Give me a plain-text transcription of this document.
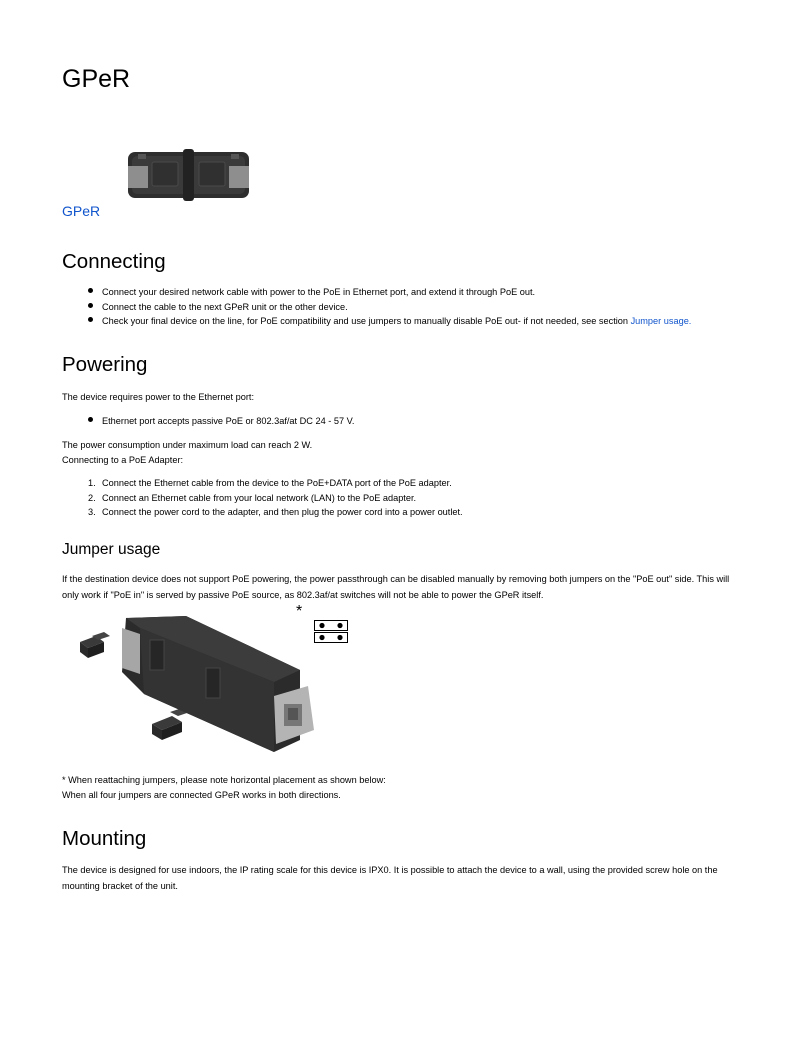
GPeR
GPeR
Connecting
Connect your desired network cable with power to the PoE in Ethernet port, and extend it through PoE out.
Connect the cable to the next GPeR unit or the other device.
Check your final device on the line, for PoE compatibility and use jumpers to manually disable PoE out- if not needed, see section Jumper usage.
Powering

The device requires power to the Ethernet port:

Ethernet port accepts passive PoE or 802.3af/at DC 24 - 57 V.

The power consumption under maximum load can reach 2 W.

Connecting to a PoE Adapter:

1. Connect the Ethernet cable from the device to the PoE+DATA port of the PoE adapter.
2. Connect an Ethernet cable from your local network (LAN) to the PoE adapter.
3. Connect the power cord to the adapter, and then plug the power cord into a power outlet.
Jumper usage

If the destination device does not support PoE powering, the power passthrough can be disabled manually by removing both jumpers on the "PoE out" side. This will only work if "PoE in" is served by passive PoE source, as 802.3af/at switches will not be able to power the GPeR itself.

*

* When reattaching jumpers, please note horizontal placement as shown below:

When all four jumpers are connected GPeR works in both directions.

Mounting

The device is designed for use indoors, the IP rating scale for this device is IPX0. It is possible to attach the device to a wall, using the provided screw hole on the mounting bracket of the unit.
